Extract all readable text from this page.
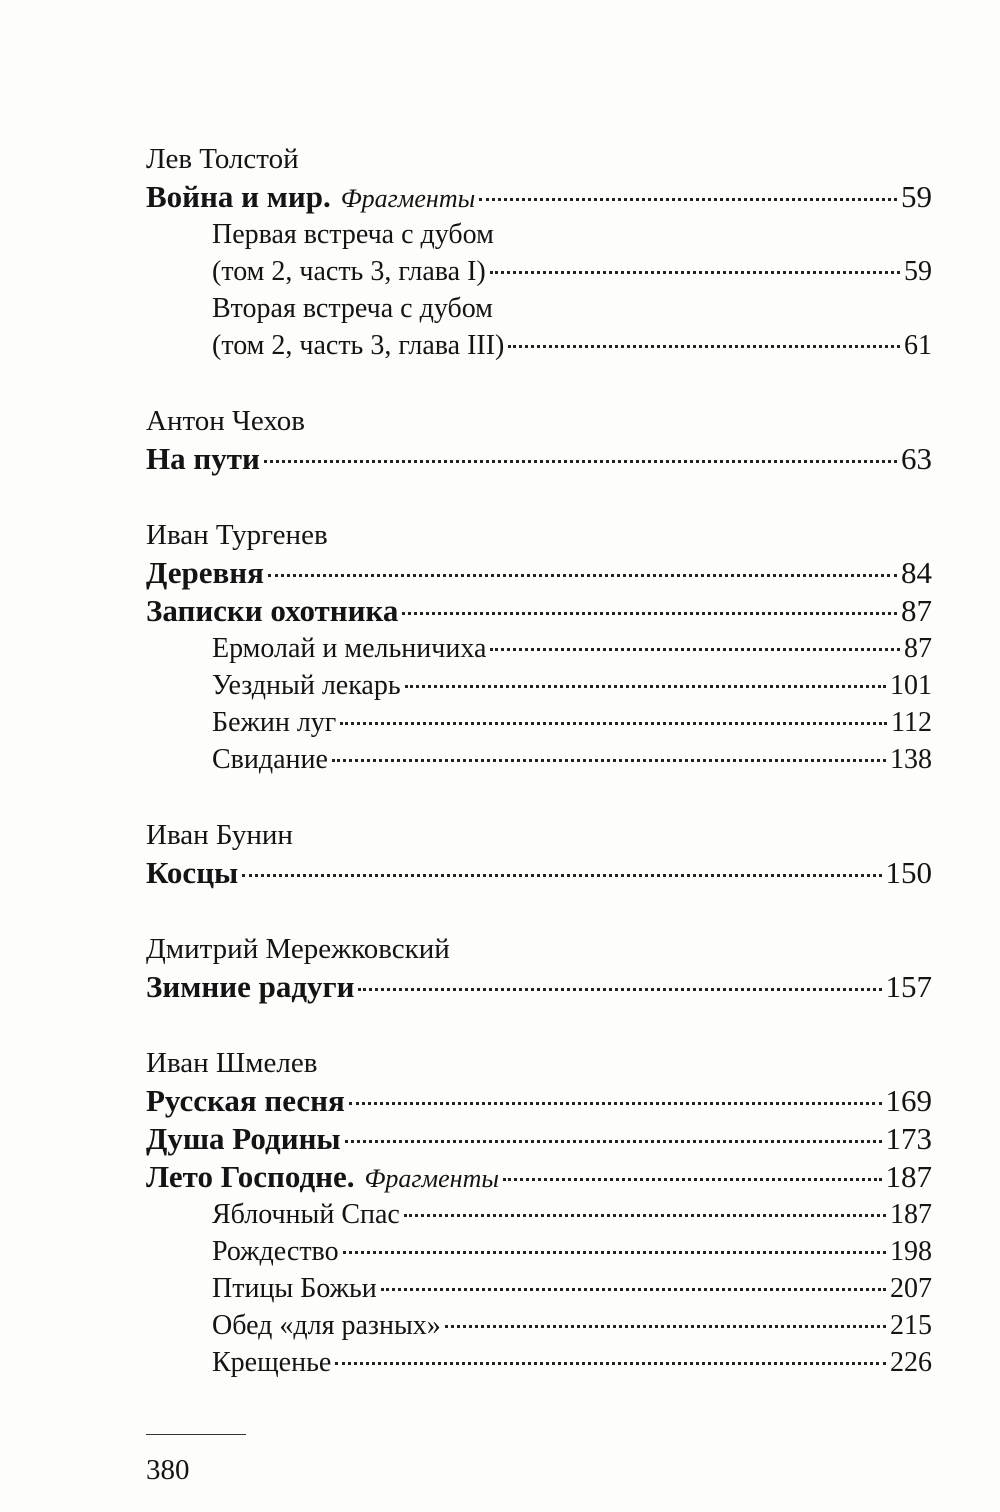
Лев Толстой
Война и мир. Фрагменты	59
Первая встреча с дубом
(том 2, часть 3, глава I)	59
Вторая встреча с дубом
(том 2, часть 3, глава III)	61
Антон Чехов
На пути	63
Иван Тургенев
Деревня	84
Записки охотника	87
Ермолай и мельничиха	87
Уездный лекарь	101
Бежин луг	112
Свидание	138
Иван Бунин
Косцы	150
Дмитрий Мережковский
Зимние радуги	157
Иван Шмелев
Русская песня	169
Душа Родины	173
Лето Господне. Фрагменты	187
Яблочный Спас	187
Рождество	198
Птицы Божьи	207
Обед «для разных»	215
Крещенье	226
380
